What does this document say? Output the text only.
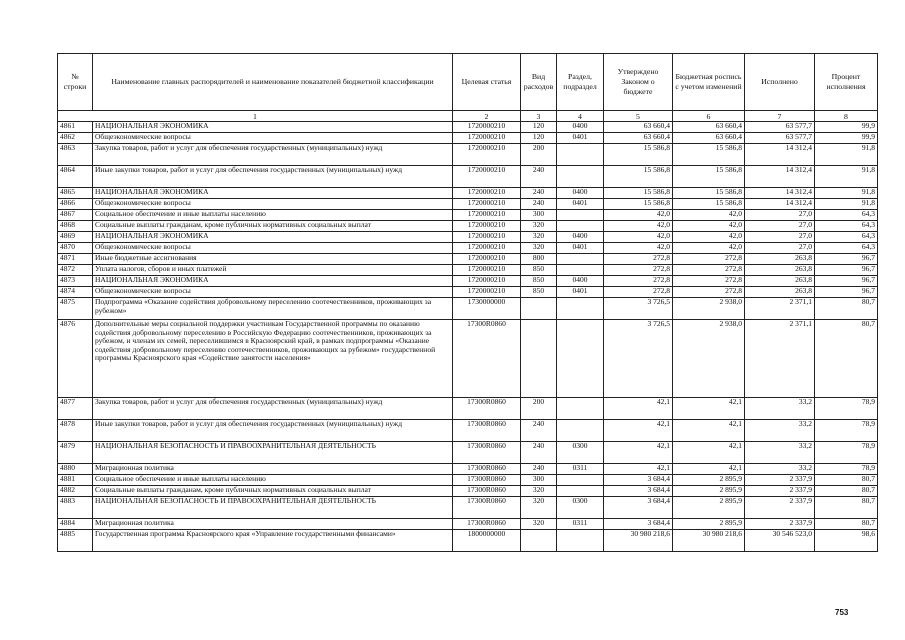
№ строки	Наименование главных распорядителей и наименование показателей бюджетной классификации	Целевая статья	Вид расходов	Раздел, подраздел	Утверждено Законом о бюджете	Бюджетная роспись с учетом изменений	Исполнено	Процент исполнения
1		2	3	4	5	6	7	8
4861	НАЦИОНАЛЬНАЯ ЭКОНОМИКА	1720000210	120	0400	63 660,4	63 660,4	63 577,7	99,9
4862	Общеэкономические вопросы	1720000210	120	0401	63 660,4	63 660,4	63 577,7	99,9
4863	Закупка товаров, работ и услуг для обеспечения государственных (муниципальных) нужд	1720000210	200		15 586,8	15 586,8	14 312,4	91,8
4864	Иные закупки товаров, работ и услуг для обеспечения государственных (муниципальных) нужд	1720000210	240		15 586,8	15 586,8	14 312,4	91,8
4865	НАЦИОНАЛЬНАЯ ЭКОНОМИКА	1720000210	240	0400	15 586,8	15 586,8	14 312,4	91,8
4866	Общеэкономические вопросы	1720000210	240	0401	15 586,8	15 586,8	14 312,4	91,8
4867	Социальное обеспечение и иные выплаты населению	1720000210	300		42,0	42,0	27,0	64,3
4868	Социальные выплаты гражданам, кроме публичных нормативных социальных выплат	1720000210	320		42,0	42,0	27,0	64,3
4869	НАЦИОНАЛЬНАЯ ЭКОНОМИКА	1720000210	320	0400	42,0	42,0	27,0	64,3
4870	Общеэкономические вопросы	1720000210	320	0401	42,0	42,0	27,0	64,3
4871	Иные бюджетные ассигнования	1720000210	800		272,8	272,8	263,8	96,7
4872	Уплата налогов, сборов и иных платежей	1720000210	850		272,8	272,8	263,8	96,7
4873	НАЦИОНАЛЬНАЯ ЭКОНОМИКА	1720000210	850	0400	272,8	272,8	263,8	96,7
4874	Общеэкономические вопросы	1720000210	850	0401	272,8	272,8	263,8	96,7
4875	Подпрограмма «Оказание содействия добровольному переселению соотечественников, проживающих за рубежом»	1730000000			3 726,5	2 938,0	2 371,1	80,7
4876	Дополнительные меры социальной поддержки участникам Государственной программы по оказанию содействия добровольному переселению в Российскую Федерацию соотечественников, проживающих за рубежом, и членам их семей, переселившимся в Красноярский край, в рамках подпрограммы «Оказание содействия добровольному переселению соотечественников, проживающих за рубежом» государственной программы Красноярского края «Содействие занятости населения»	17300R0860			3 726,5	2 938,0	2 371,1	80,7
4877	Закупка товаров, работ и услуг для обеспечения государственных (муниципальных) нужд	17300R0860	200		42,1	42,1	33,2	78,9
4878	Иные закупки товаров, работ и услуг для обеспечения государственных (муниципальных) нужд	17300R0860	240		42,1	42,1	33,2	78,9
4879	НАЦИОНАЛЬНАЯ БЕЗОПАСНОСТЬ И ПРАВООХРАНИТЕЛЬНАЯ ДЕЯТЕЛЬНОСТЬ	17300R0860	240	0300	42,1	42,1	33,2	78,9
4880	Миграционная политика	17300R0860	240	0311	42,1	42,1	33,2	78,9
4881	Социальное обеспечение и иные выплаты населению	17300R0860	300		3 684,4	2 895,9	2 337,9	80,7
4882	Социальные выплаты гражданам, кроме публичных нормативных социальных выплат	17300R0860	320		3 684,4	2 895,9	2 337,9	80,7
4883	НАЦИОНАЛЬНАЯ БЕЗОПАСНОСТЬ И ПРАВООХРАНИТЕЛЬНАЯ ДЕЯТЕЛЬНОСТЬ	17300R0860	320	0300	3 684,4	2 895,9	2 337,9	80,7
4884	Миграционная политика	17300R0860	320	0311	3 684,4	2 895,9	2 337,9	80,7
4885	Государственная программа Красноярского края «Управление государственными финансами»	1800000000			30 980 218,6	30 980 218,6	30 546 523,0	98,6
753
